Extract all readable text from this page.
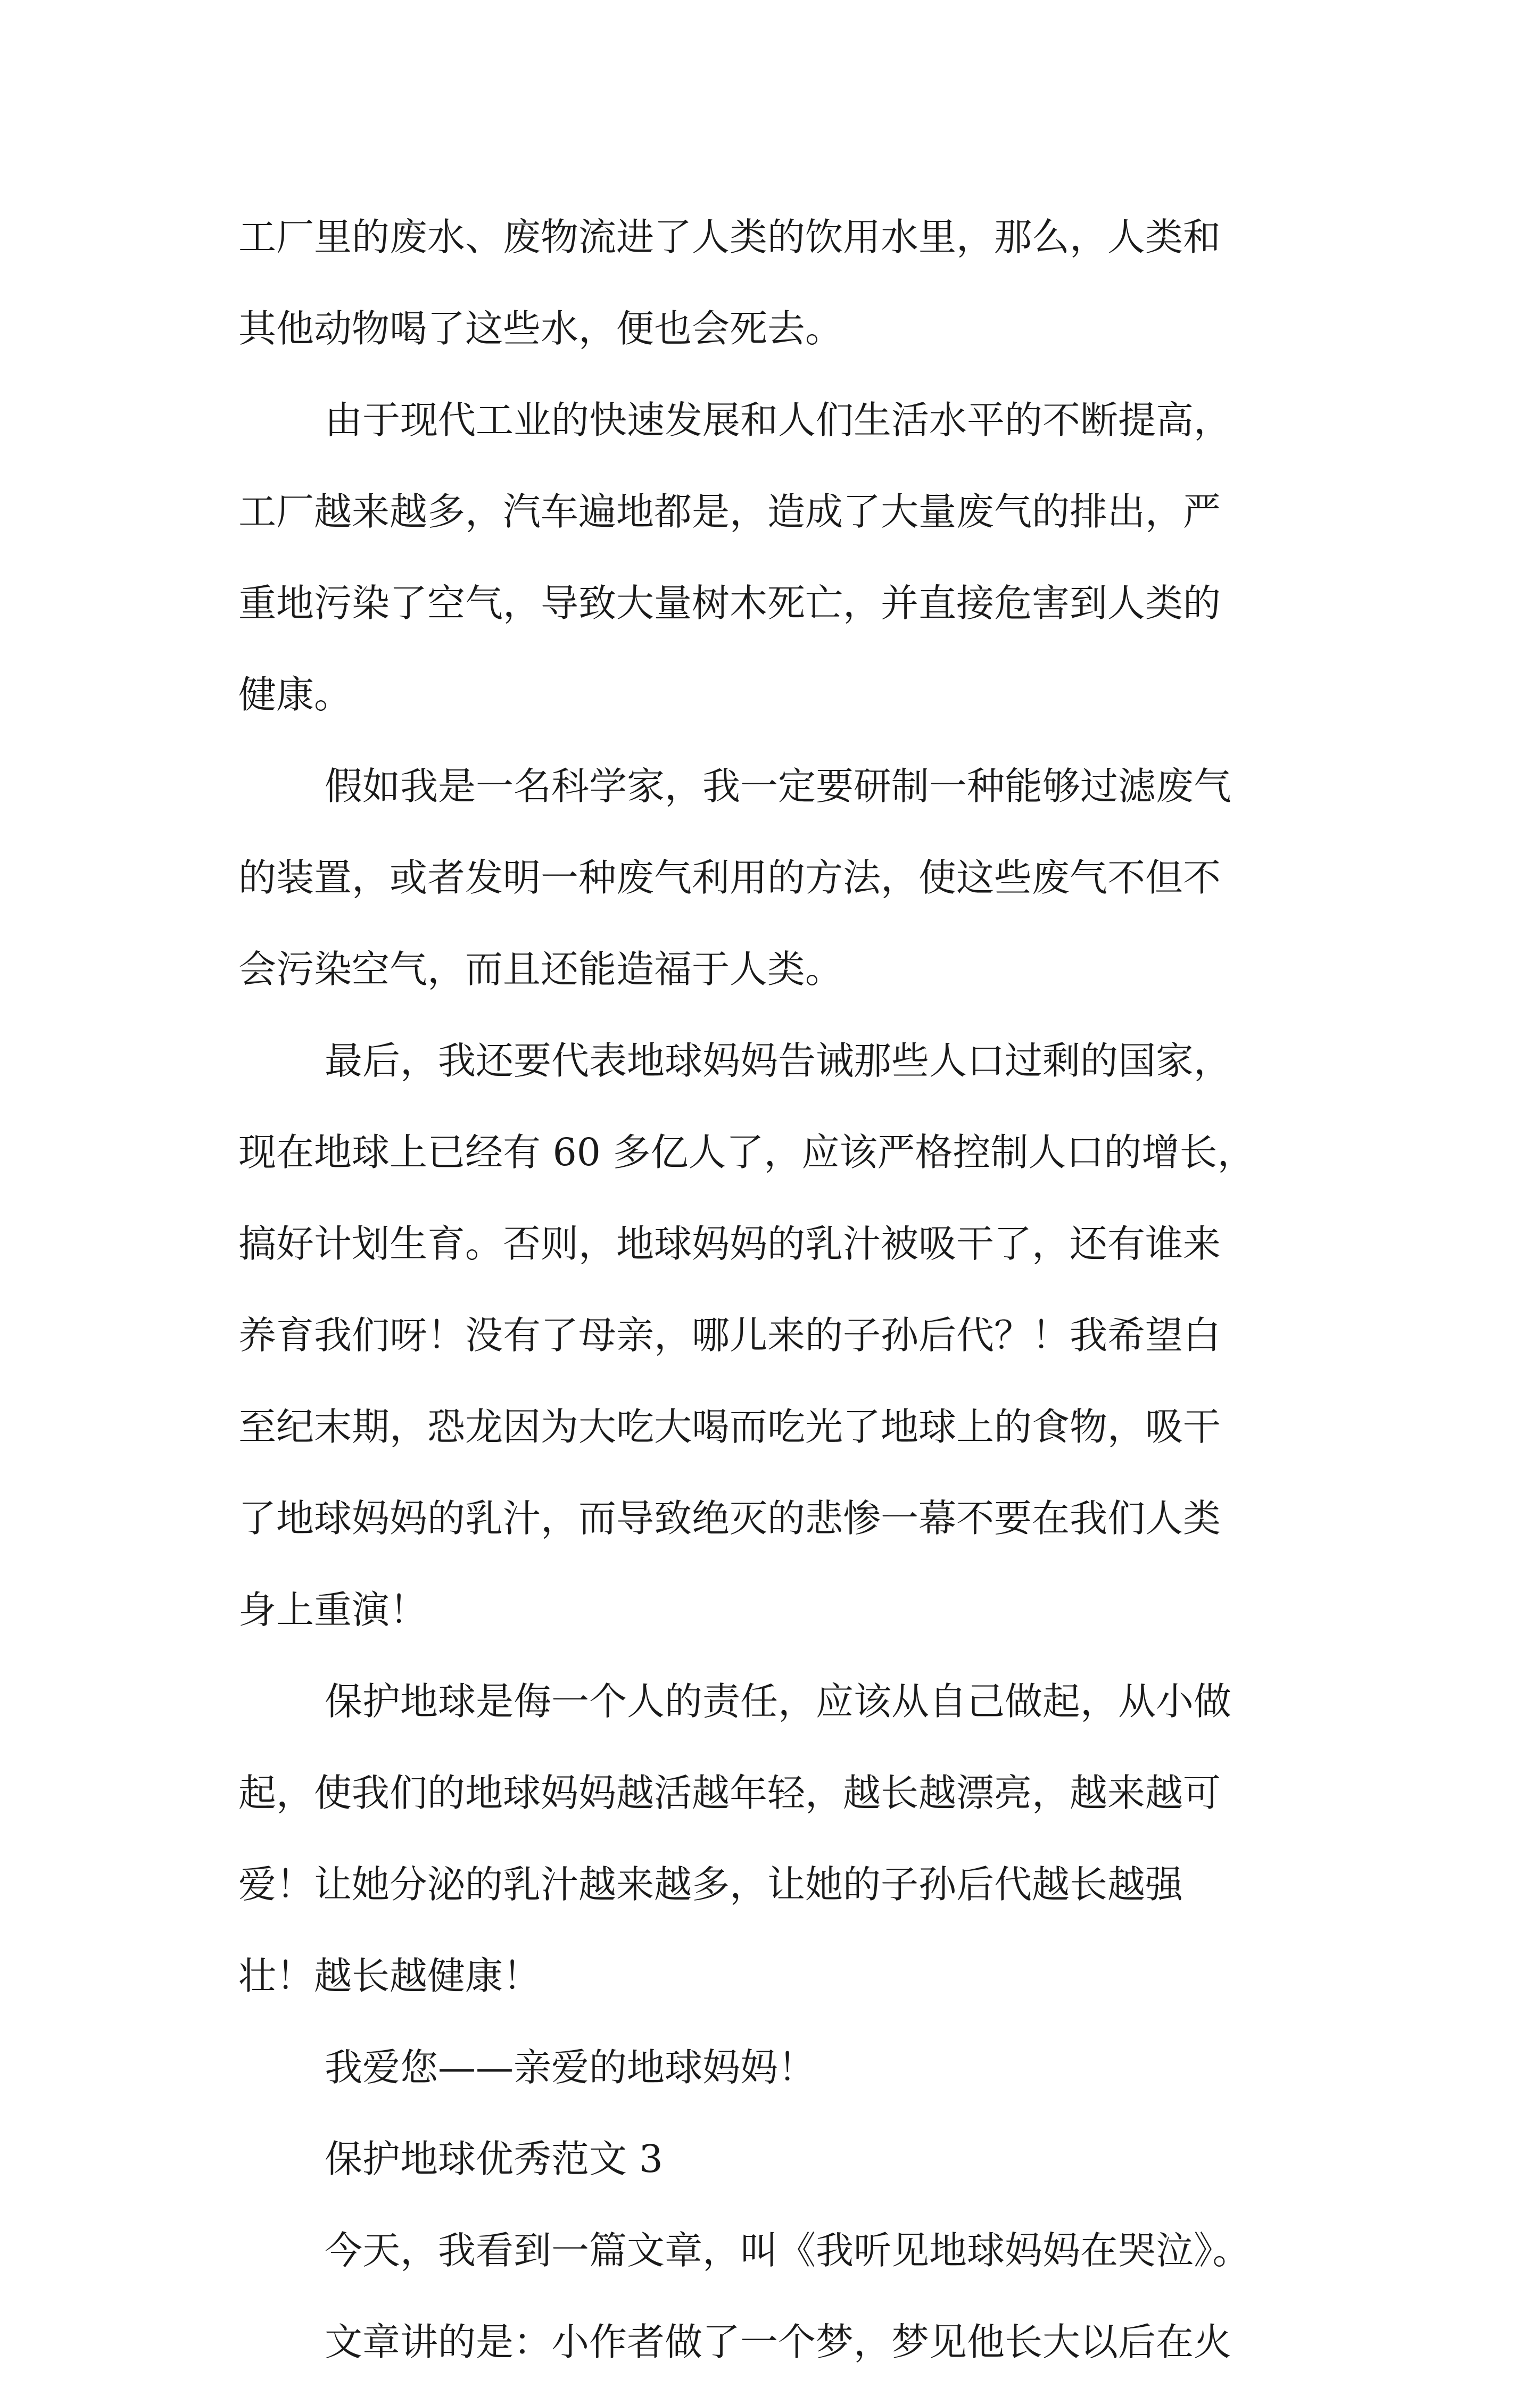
工厂里的废水、废物流进了人类的饮用水里，那么，人类和
其他动物喝了这些水，便也会死去。
由于现代工业的快速发展和人们生活水平的不断提高，
工厂越来越多，汽车遍地都是，造成了大量废气的排出，严
重地污染了空气，导致大量树木死亡，并直接危害到人类的
健康。
假如我是一名科学家，我一定要研制一种能够过滤废气
的装置，或者发明一种废气利用的方法，使这些废气不但不
会污染空气，而且还能造福于人类。
最后，我还要代表地球妈妈告诫那些人口过剩的国家，
现在地球上已经有 60 多亿人了，应该严格控制人口的增长，
搞好计划生育。否则，地球妈妈的乳汁被吸干了，还有谁来
养育我们呀！没有了母亲，哪儿来的子孙后代？！我希望白
至纪末期，恐龙因为大吃大喝而吃光了地球上的食物，吸干
了地球妈妈的乳汁，而导致绝灭的悲惨一幕不要在我们人类
身上重演！
保护地球是侮一个人的责任，应该从自己做起，从小做
起，使我们的地球妈妈越活越年轻，越长越漂亮，越来越可
爱！让她分泌的乳汁越来越多，让她的子孙后代越长越强
壮！越长越健康！
我爱您——亲爱的地球妈妈！
保护地球优秀范文 3
今天，我看到一篇文章，叫《我听见地球妈妈在哭泣》。
文章讲的是：小作者做了一个梦，梦见他长大以后在火
